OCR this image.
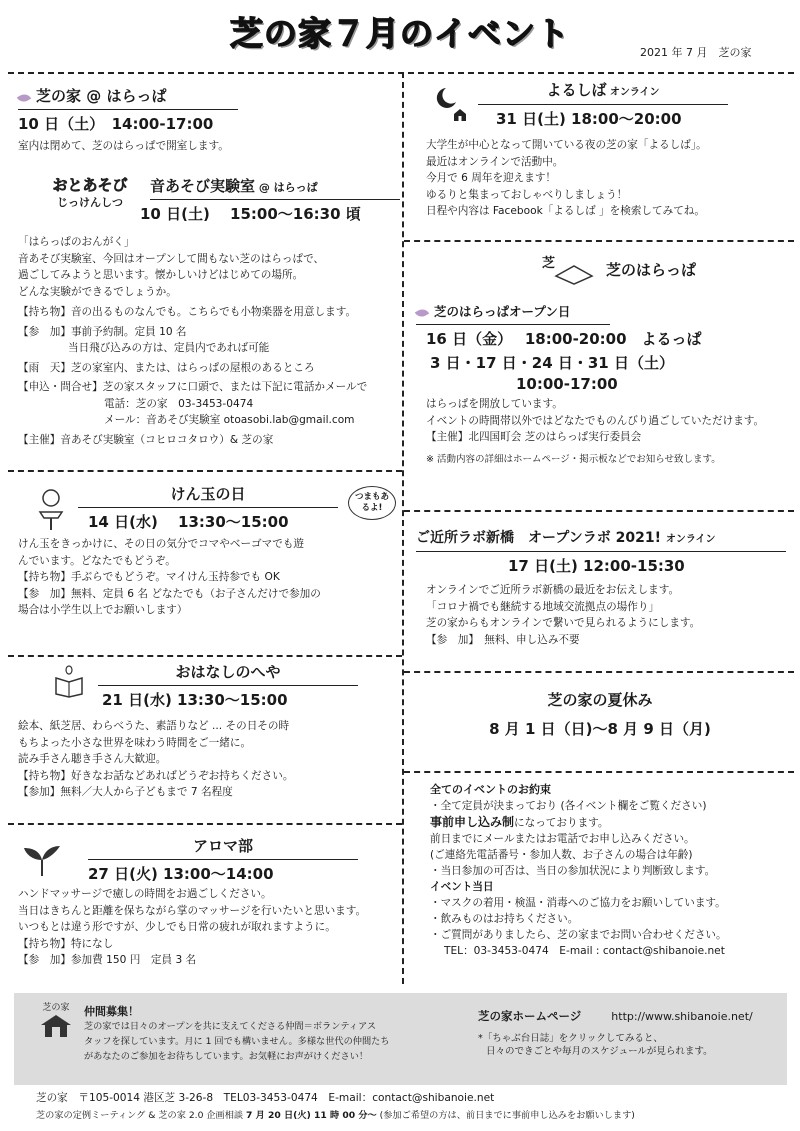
芝の家７月のイベント	2021 年 7 月　芝の家
芝の家 @ はらっぱ
10 日（土）　14:00-17:00
室内は閉めて、芝のはらっぱで開室します。
おとあそび
じっけんしつ
音あそび実験室 @ はらっぱ
10 日(土)　 15:00〜16:30 頃
「はらっぱのおんがく」
音あそび実験室、今回はオープンして間もない芝のはらっぱで、
過ごしてみようと思います。懐かしいけどはじめての場所。
どんな実験ができるでしょうか。
【持ち物】 音の出るものなんでも。こちらでも小物楽器を用意します。
【参　加】 事前予約制。定員 10 名
当日飛び込みの方は、定員内であれば可能
【雨　天】 芝の家室内、または、はらっぱの屋根のあるところ
【申込・問合せ】 芝の家スタッフに口頭で、または下記に電話かメールで
電話：芝の家　03-3453-0474
メール：音あそび実験室 otoasobi.lab@gmail.com
【主催】 音あそび実験室（コヒロコタロウ）& 芝の家
つまもあるよ!
けん玉の日
14 日(水)　 13:30〜15:00
けん玉をきっかけに、その日の気分でコマやベーゴマでも遊
んでいます。どなたでもどうぞ。
【持ち物】手ぶらでもどうぞ。マイけん玉持参でも OK
【参　加】無料、定員 6 名 どなたでも（お子さんだけで参加の
場合は小学生以上でお願いします）
おはなしのへや
21 日(水) 13:30〜15:00
絵本、紙芝居、わらべうた、素語りなど ... その日その時
もちよった小さな世界を味わう時間をご一緒に。
読み手さん聴き手さん大歓迎。
【持ち物】好きなお話などあればどうぞお持ちください。
【参加】無料／大人から子どもまで 7 名程度
アロマ部
27 日(火) 13:00〜14:00
ハンドマッサージで癒しの時間をお過ごしください。
当日はきちんと距離を保ちながら掌のマッサージを行いたいと思います。
いつもとは違う形ですが、少しでも日常の疲れが取れますように。
【持ち物】特になし
【参　加】参加費 150 円　定員 3 名
よるしば オンライン
31 日(土) 18:00〜20:00
大学生が中心となって開いている夜の芝の家「よるしば」。
最近はオンラインで活動中。
今月で 6 周年を迎えます！
ゆるりと集まっておしゃべりしましょう！
日程や内容は Facebook「よるしば 」を検索してみてね。
芝	芝のはらっぱ
芝のはらっぱオープン日
16 日（金）　 18:00-20:00　よるっぱ
3 日・17 日・24 日・31 日（土）
10:00-17:00
はらっぱを開放しています。
イベントの時間帯以外ではどなたでものんびり過ごしていただけます。
【主催】北四国町会 芝のはらっぱ実行委員会
※ 活動内容の詳細はホームページ・掲示板などでお知らせ致します。
ご近所ラボ新橋　オープンラボ 2021! オンライン
17 日(土) 12:00-15:30
オンラインでご近所ラボ新橋の最近をお伝えします。
「コロナ禍でも継続する地域交流拠点の場作り」
芝の家からもオンラインで繋いで見られるようにします。
【参　加】　無料、申し込み不要
芝の家の夏休み
8 月 1 日（日)〜8 月 9 日（月)
全てのイベントのお約束
・全て定員が決まっており (各イベント欄をご覧ください)
事前申し込み制になっております。
前日までにメールまたはお電話でお申し込みください。
(ご連絡先電話番号・参加人数、お子さんの場合は年齢)
・当日参加の可否は、当日の参加状況により判断致します。
イベント当日
・マスクの着用・検温・消毒へのご協力をお願いしています。
・飲みものはお持ちください。
・ご質問がありましたら、芝の家までお問い合わせください。
TEL：03-3453-0474　E-mail : contact@shibanoie.net
芝の家	仲間募集！
芝の家では日々のオープンを共に支えてくださる仲間＝ボランティアス
タッフを探しています。月に 1 回でも構いません。多様な世代の仲間たち
があなたのご参加をお待ちしています。お気軽にお声がけください！
芝の家ホームページ	http://www.shibanoie.net/
*「ちゃぶ台日誌」をクリックしてみると、
日々のできごとや毎月のスケジュールが見られます。
芝の家　〒105-0014 港区芝 3-26-8　TEL03-3453-0474　E-mail：contact@shibanoie.net
芝の家の定例ミーティング & 芝の家 2.0 企画相談 7 月 20 日(火) 11 時 00 分〜 (参加ご希望の方は、前日までに事前申し込みをお願いします)
